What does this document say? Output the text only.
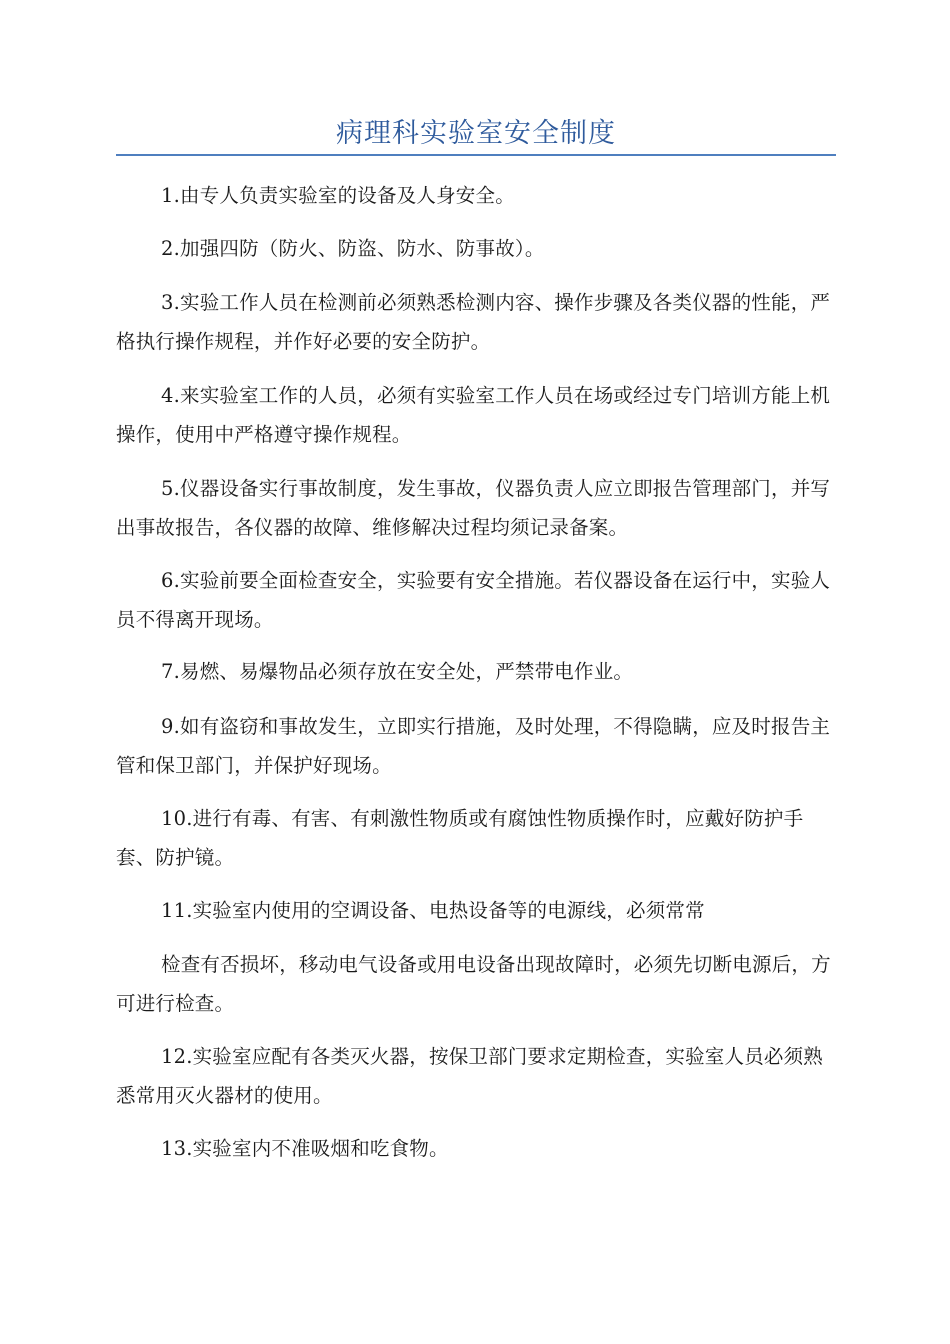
病理科实验室安全制度

1.由专人负责实验室的设备及人身安全。

2.加强四防（防火、防盗、防水、防事故）。

3.实验工作人员在检测前必须熟悉检测内容、操作步骤及各类仪器的性能，严格执行操作规程，并作好必要的安全防护。

4.来实验室工作的人员，必须有实验室工作人员在场或经过专门培训方能上机操作，使用中严格遵守操作规程。

5.仪器设备实行事故制度，发生事故，仪器负责人应立即报告管理部门，并写出事故报告，各仪器的故障、维修解决过程均须记录备案。

6.实验前要全面检查安全，实验要有安全措施。若仪器设备在运行中，实验人员不得离开现场。

7.易燃、易爆物品必须存放在安全处，严禁带电作业。

9.如有盗窃和事故发生，立即实行措施，及时处理，不得隐瞒，应及时报告主管和保卫部门，并保护好现场。

10.进行有毒、有害、有刺激性物质或有腐蚀性物质操作时，应戴好防护手套、防护镜。

11.实验室内使用的空调设备、电热设备等的电源线，必须常常

检查有否损坏，移动电气设备或用电设备出现故障时，必须先切断电源后，方可进行检查。

12.实验室应配有各类灭火器，按保卫部门要求定期检查，实验室人员必须熟悉常用灭火器材的使用。

13.实验室内不准吸烟和吃食物。
